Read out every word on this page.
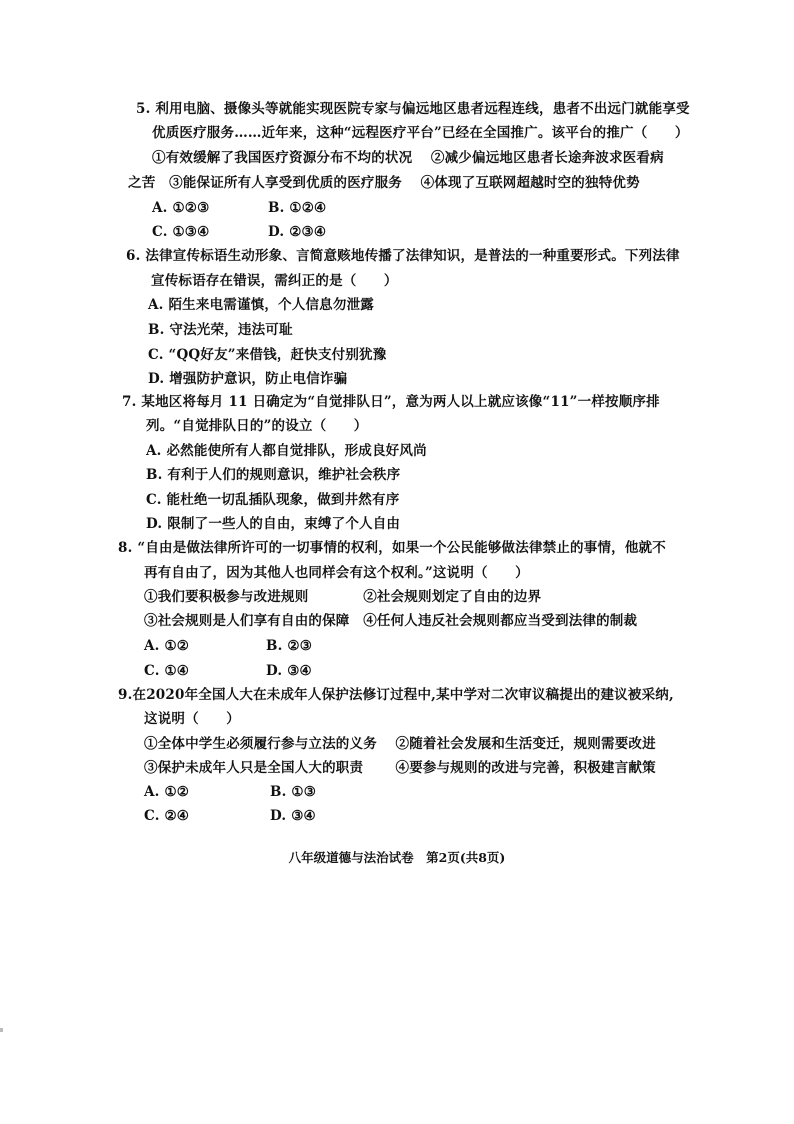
5. 利用电脑、摄像头等就能实现医院专家与偏远地区患者远程连线，患者不出远门就能享受
优质医疗服务……近年来，这种“远程医疗平台”已经在全国推广。该平台的推广（　　）
①有效缓解了我国医疗资源分布不均的状况　 ②减少偏远地区患者长途奔波求医看病
之苦　③能保证所有人享受到优质的医疗服务　 ④体现了互联网超越时空的独特优势
A. ①②③	B. ①②④
C. ①③④	D. ②③④
6. 法律宣传标语生动形象、言简意赅地传播了法律知识，是普法的一种重要形式。下列法律
宣传标语存在错误，需纠正的是（　　）
A. 陌生来电需谨慎，个人信息勿泄露
B. 守法光荣，违法可耻
C. “QQ好友”来借钱，赶快支付别犹豫
D. 增强防护意识，防止电信诈骗
7. 某地区将每月 11 日确定为“自觉排队日”，意为两人以上就应该像“11”一样按顺序排
列。“自觉排队日的”的设立（　　）
A. 必然能使所有人都自觉排队，形成良好风尚
B. 有利于人们的规则意识，维护社会秩序
C. 能杜绝一切乱插队现象，做到井然有序
D. 限制了一些人的自由，束缚了个人自由
8. “自由是做法律所许可的一切事情的权利，如果一个公民能够做法律禁止的事情，他就不
再有自由了，因为其他人也同样会有这个权利。”这说明（　　）
①我们要积极参与改进规则　　　　②社会规则划定了自由的边界
③社会规则是人们享有自由的保障　④任何人违反社会规则都应当受到法律的制裁
A. ①②	B. ②③
C. ①④	D. ③④
9.在2020年全国人大在未成年人保护法修订过程中,某中学对二次审议稿提出的建议被采纳,
这说明（　　）
①全体中学生必须履行参与立法的义务　 ②随着社会发展和生活变迁，规则需要改进
③保护未成年人只是全国人大的职责　　 ④要参与规则的改进与完善，积极建言献策
A. ①②	B. ①③
C. ②④	D. ③④
八年级道德与法治试卷　第2页(共8页)
